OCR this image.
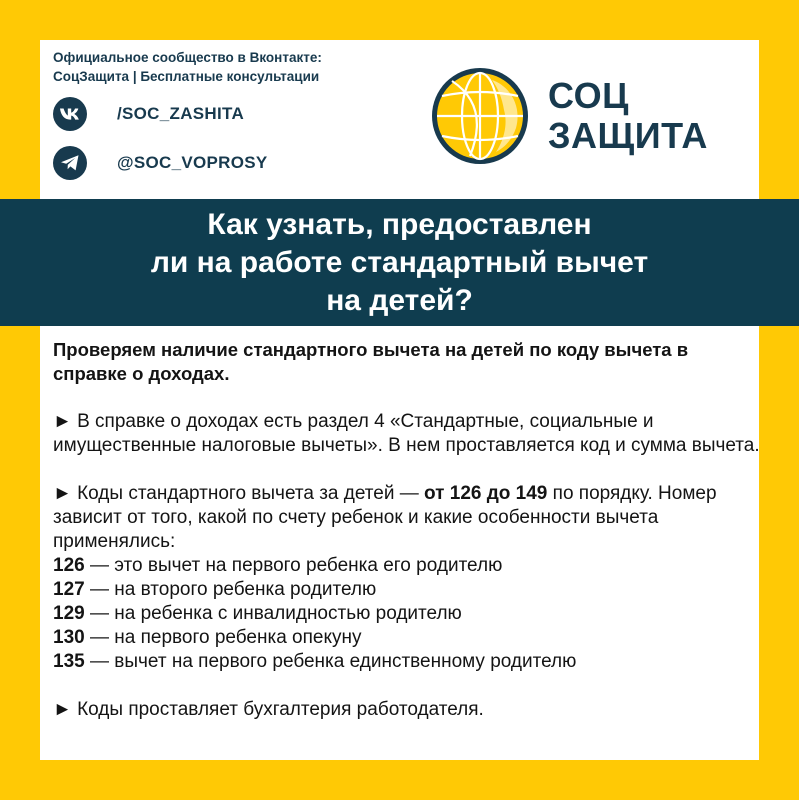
Официальное сообщество в Вконтакте:
СоцЗащита | Бесплатные консультации
/SOC_ZASHITA
@SOC_VOPROSY
СОЦ
ЗАЩИТА
Как узнать, предоставлен
ли на работе стандартный вычет
на детей?

Проверяем наличие стандартного вычета на детей по коду вычета в справке о доходах.

► В справке о доходах есть раздел 4 «Стандартные, социальные и имущественные налоговые вычеты». В нем проставляется код и сумма вычета.

► Коды стандартного вычета за детей — от 126 до 149 по порядку. Номер зависит от того, какой по счету ребенок и какие особенности вычета применялись:

126 — это вычет на первого ребенка его родителю
127 — на второго ребенка родителю
129 — на ребенка с инвалидностью родителю
130 — на первого ребенка опекуну
135 — вычет на первого ребенка единственному родителю

► Коды проставляет бухгалтерия работодателя.
